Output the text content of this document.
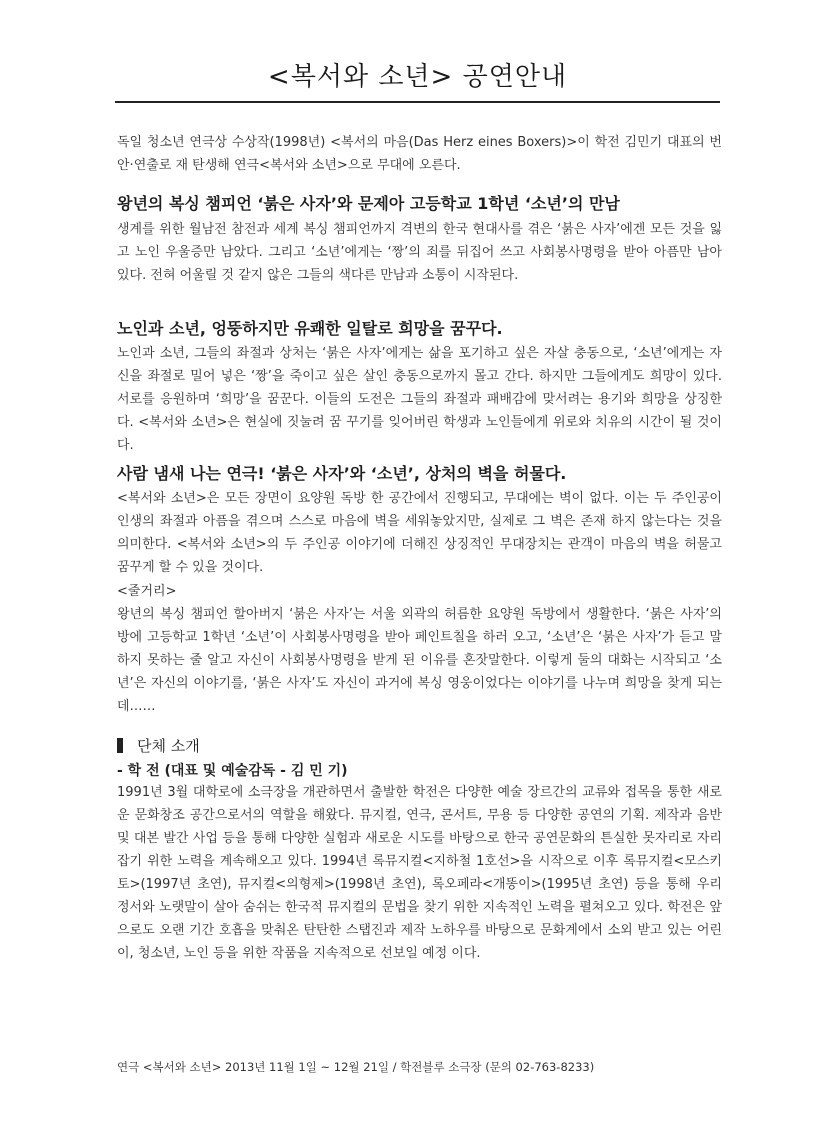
<복서와 소년> 공연안내
독일 청소년 연극상 수상작(1998년) <복서의 마음(Das Herz eines Boxers)>이 학전 김민기 대표의 번안·연출로 재 탄생해 연극<복서와 소년>으로 무대에 오른다.
왕년의 복싱 챔피언 ‘붉은 사자’와 문제아 고등학교 1학년 ‘소년’의 만남
생계를 위한 월남전 참전과 세계 복싱 챔피언까지 격변의 한국 현대사를 겪은 ‘붉은 사자’에겐 모든 것을 잃고 노인 우울증만 남았다. 그리고 ‘소년’에게는 ‘짱’의 죄를 뒤집어 쓰고 사회봉사명령을 받아 아픔만 남아 있다. 전혀 어울릴 것 같지 않은 그들의 색다른 만남과 소통이 시작된다.
노인과 소년, 엉뚱하지만 유쾌한 일탈로 희망을 꿈꾸다.
노인과 소년, 그들의 좌절과 상처는 ‘붉은 사자’에게는 삶을 포기하고 싶은 자살 충동으로, ‘소년’에게는 자신을 좌절로 밀어 넣은 ‘짱’을 죽이고 싶은 살인 충동으로까지 몰고 간다. 하지만 그들에게도 희망이 있다. 서로를 응원하며 ‘희망’을 꿈꾼다. 이들의 도전은 그들의 좌절과 패배감에 맞서려는 용기와 희망을 상징한다. <복서와 소년>은 현실에 짓눌려 꿈 꾸기를 잊어버린 학생과 노인들에게 위로와 치유의 시간이 될 것이다.
사람 냄새 나는 연극! ‘붉은 사자’와 ‘소년’, 상처의 벽을 허물다.
<복서와 소년>은 모든 장면이 요양원 독방 한 공간에서 진행되고, 무대에는 벽이 없다. 이는 두 주인공이 인생의 좌절과 아픔을 겪으며 스스로 마음에 벽을 세워놓았지만, 실제로 그 벽은 존재 하지 않는다는 것을 의미한다. <복서와 소년>의 두 주인공 이야기에 더해진 상징적인 무대장치는 관객이 마음의 벽을 허물고 꿈꾸게 할 수 있을 것이다.
<줄거리>
왕년의 복싱 챔피언 할아버지 ‘붉은 사자’는 서울 외곽의 허름한 요양원 독방에서 생활한다. ‘붉은 사자’의 방에 고등학교 1학년 ‘소년’이 사회봉사명령을 받아 페인트칠을 하러 오고, ‘소년’은 ‘붉은 사자’가 듣고 말하지 못하는 줄 알고 자신이 사회봉사명령을 받게 된 이유를 혼잣말한다. 이렇게 둘의 대화는 시작되고 ‘소년’은 자신의 이야기를, ‘붉은 사자’도 자신이 과거에 복싱 영웅이었다는 이야기를 나누며 희망을 찾게 되는데……
단체 소개
- 학 전 (대표 및 예술감독 - 김 민 기)
1991년 3월 대학로에 소극장을 개관하면서 출발한 학전은 다양한 예술 장르간의 교류와 접목을 통한 새로운 문화창조 공간으로서의 역할을 해왔다. 뮤지컬, 연극, 콘서트, 무용 등 다양한 공연의 기획. 제작과 음반 및 대본 발간 사업 등을 통해 다양한 실험과 새로운 시도를 바탕으로 한국 공연문화의 튼실한 못자리로 자리잡기 위한 노력을 계속해오고 있다. 1994년 록뮤지컬<지하철 1호선>을 시작으로 이후 록뮤지컬<모스키토>(1997년 초연), 뮤지컬<의형제>(1998년 초연), 록오페라<개똥이>(1995년 초연) 등을 통해 우리 정서와 노랫말이 살아 숨쉬는 한국적 뮤지컬의 문법을 찾기 위한 지속적인 노력을 펼쳐오고 있다. 학전은 앞으로도 오랜 기간 호흡을 맞춰온 탄탄한 스탭진과 제작 노하우를 바탕으로 문화계에서 소외 받고 있는 어린이, 청소년, 노인 등을 위한 작품을 지속적으로 선보일 예정 이다.
연극 <복서와 소년> 2013년 11월 1일 ~ 12월 21일 / 학전블루 소극장 (문의 02-763-8233)
